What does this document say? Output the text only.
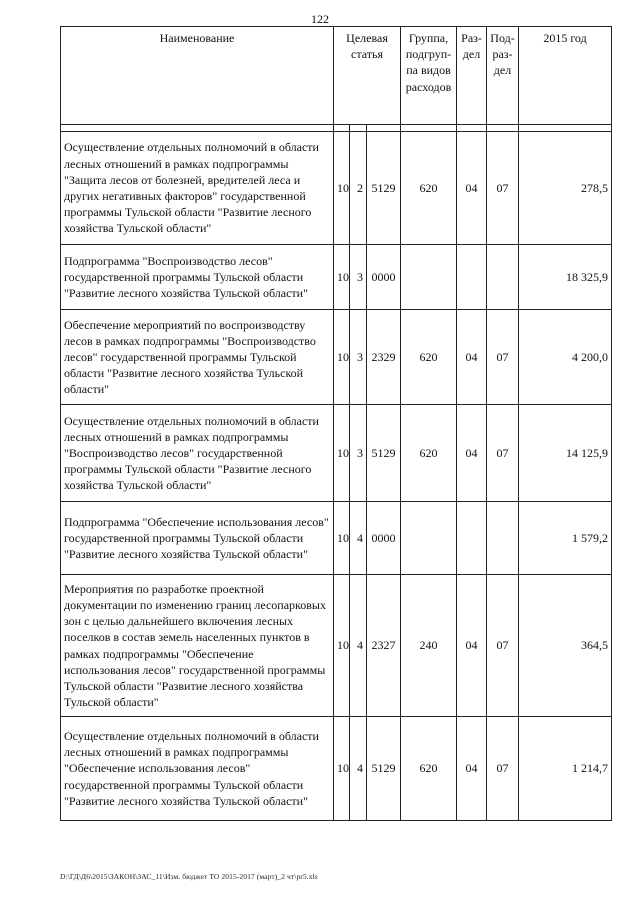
122
Наименование	Целевая статья			Группа, подгруп-па видов расходов	Раз-дел	Под-раз-дел	2015 год

Осуществление отдельных полномочий в области лесных отношений в рамках подпрограммы "Защита лесов от болезней, вредителей леса и других негативных факторов" государственной программы Тульской области "Развитие лесного хозяйства Тульской области"	10	2	5129	620	04	07	278,5
Подпрограмма "Воспроизводство лесов" государственной программы Тульской области "Развитие лесного хозяйства Тульской области"	10	3	0000				18 325,9
Обеспечение мероприятий по воспроизводству лесов в рамках подпрограммы "Воспроизводство лесов" государственной программы Тульской области "Развитие лесного хозяйства Тульской области"	10	3	2329	620	04	07	4 200,0
Осуществление отдельных полномочий в области лесных отношений в рамках подпрограммы "Воспроизводство лесов" государственной программы Тульской области "Развитие лесного хозяйства Тульской области"	10	3	5129	620	04	07	14 125,9
Подпрограмма "Обеспечение использования лесов" государственной программы Тульской области "Развитие лесного хозяйства Тульской области"	10	4	0000				1 579,2
Мероприятия по разработке проектной документации по изменению границ лесопарковых зон с целью дальнейшего включения лесных поселков в состав земель населенных пунктов в рамках подпрограммы "Обеспечение использования лесов" государственной программы Тульской области "Развитие лесного хозяйства Тульской области"	10	4	2327	240	04	07	364,5
Осуществление отдельных полномочий в области лесных отношений в рамках подпрограммы "Обеспечение использования лесов" государственной программы Тульской области "Развитие лесного хозяйства Тульской области"	10	4	5129	620	04	07	1 214,7
D:\ГД\Д6\2015\ЗАКОН\ЗАС_11\Изм. бюджет ТО 2015-2017 (март)_2 чт\pr5.xls
